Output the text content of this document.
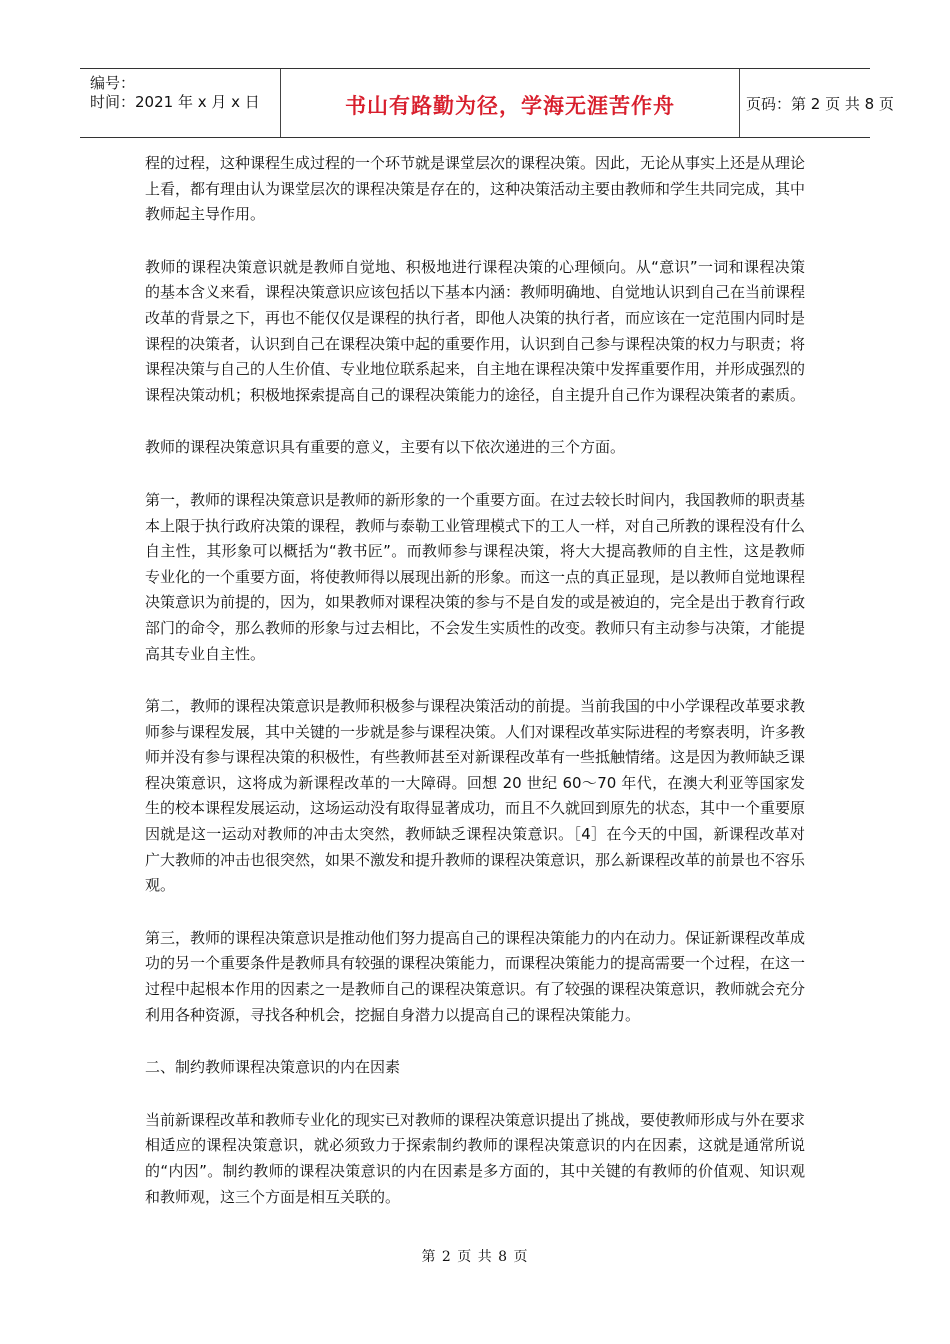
编号：
时间：2021 年 x 月 x 日	书山有路勤为径，学海无涯苦作舟	页码：第 2 页 共 8 页

程的过程，这种课程生成过程的一个环节就是课堂层次的课程决策。因此，无论从事实上还是从理论上看，都有理由认为课堂层次的课程决策是存在的，这种决策活动主要由教师和学生共同完成，其中教师起主导作用。

教师的课程决策意识就是教师自觉地、积极地进行课程决策的心理倾向。从“意识”一词和课程决策的基本含义来看，课程决策意识应该包括以下基本内涵：教师明确地、自觉地认识到自己在当前课程改革的背景之下，再也不能仅仅是课程的执行者，即他人决策的执行者，而应该在一定范围内同时是课程的决策者，认识到自己在课程决策中起的重要作用，认识到自己参与课程决策的权力与职责；将课程决策与自己的人生价值、专业地位联系起来，自主地在课程决策中发挥重要作用，并形成强烈的课程决策动机；积极地探索提高自己的课程决策能力的途径，自主提升自己作为课程决策者的素质。

教师的课程决策意识具有重要的意义，主要有以下依次递进的三个方面。

第一，教师的课程决策意识是教师的新形象的一个重要方面。在过去较长时间内，我国教师的职责基本上限于执行政府决策的课程，教师与泰勒工业管理模式下的工人一样，对自己所教的课程没有什么自主性，其形象可以概括为“教书匠”。而教师参与课程决策，将大大提高教师的自主性，这是教师专业化的一个重要方面，将使教师得以展现出新的形象。而这一点的真正显现，是以教师自觉地课程决策意识为前提的，因为，如果教师对课程决策的参与不是自发的或是被迫的，完全是出于教育行政部门的命令，那么教师的形象与过去相比，不会发生实质性的改变。教师只有主动参与决策，才能提高其专业自主性。

第二，教师的课程决策意识是教师积极参与课程决策活动的前提。当前我国的中小学课程改革要求教师参与课程发展，其中关键的一步就是参与课程决策。人们对课程改革实际进程的考察表明，许多教师并没有参与课程决策的积极性，有些教师甚至对新课程改革有一些抵触情绪。这是因为教师缺乏课程决策意识，这将成为新课程改革的一大障碍。回想 20 世纪 60～70 年代，在澳大利亚等国家发生的校本课程发展运动，这场运动没有取得显著成功，而且不久就回到原先的状态，其中一个重要原因就是这一运动对教师的冲击太突然，教师缺乏课程决策意识。［4］在今天的中国，新课程改革对广大教师的冲击也很突然，如果不激发和提升教师的课程决策意识，那么新课程改革的前景也不容乐观。

第三，教师的课程决策意识是推动他们努力提高自己的课程决策能力的内在动力。保证新课程改革成功的另一个重要条件是教师具有较强的课程决策能力，而课程决策能力的提高需要一个过程，在这一过程中起根本作用的因素之一是教师自己的课程决策意识。有了较强的课程决策意识，教师就会充分利用各种资源，寻找各种机会，挖掘自身潜力以提高自己的课程决策能力。

二、制约教师课程决策意识的内在因素

当前新课程改革和教师专业化的现实已对教师的课程决策意识提出了挑战，要使教师形成与外在要求相适应的课程决策意识，就必须致力于探索制约教师的课程决策意识的内在因素，这就是通常所说的“内因”。制约教师的课程决策意识的内在因素是多方面的，其中关键的有教师的价值观、知识观和教师观，这三个方面是相互关联的。

第 2 页 共 8 页
